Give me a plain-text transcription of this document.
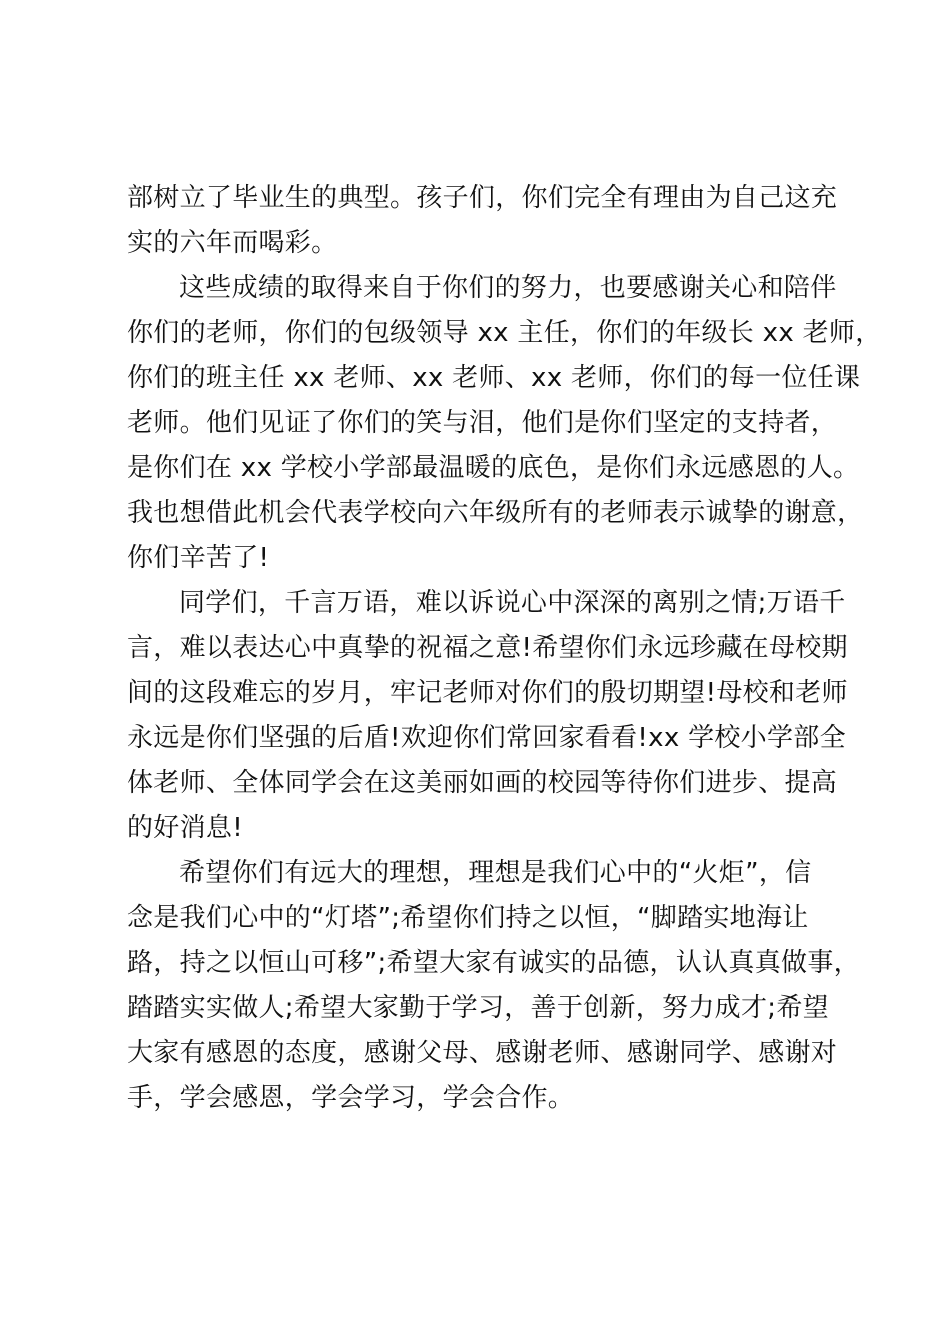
部树立了毕业生的典型。孩子们，你们完全有理由为自己这充
实的六年而喝彩。
这些成绩的取得来自于你们的努力，也要感谢关心和陪伴
你们的老师，你们的包级领导 xx 主任，你们的年级长 xx 老师，
你们的班主任 xx 老师、xx 老师、xx 老师，你们的每一位任课
老师。他们见证了你们的笑与泪，他们是你们坚定的支持者，
是你们在 xx 学校小学部最温暖的底色，是你们永远感恩的人。
我也想借此机会代表学校向六年级所有的老师表示诚挚的谢意，
你们辛苦了!
同学们，千言万语，难以诉说心中深深的离别之情;万语千
言，难以表达心中真挚的祝福之意!希望你们永远珍藏在母校期
间的这段难忘的岁月，牢记老师对你们的殷切期望!母校和老师
永远是你们坚强的后盾!欢迎你们常回家看看!xx 学校小学部全
体老师、全体同学会在这美丽如画的校园等待你们进步、提高
的好消息!
希望你们有远大的理想，理想是我们心中的“火炬”，信
念是我们心中的“灯塔”;希望你们持之以恒，“脚踏实地海让
路，持之以恒山可移”;希望大家有诚实的品德，认认真真做事，
踏踏实实做人;希望大家勤于学习，善于创新，努力成才;希望
大家有感恩的态度，感谢父母、感谢老师、感谢同学、感谢对
手，学会感恩，学会学习，学会合作。
